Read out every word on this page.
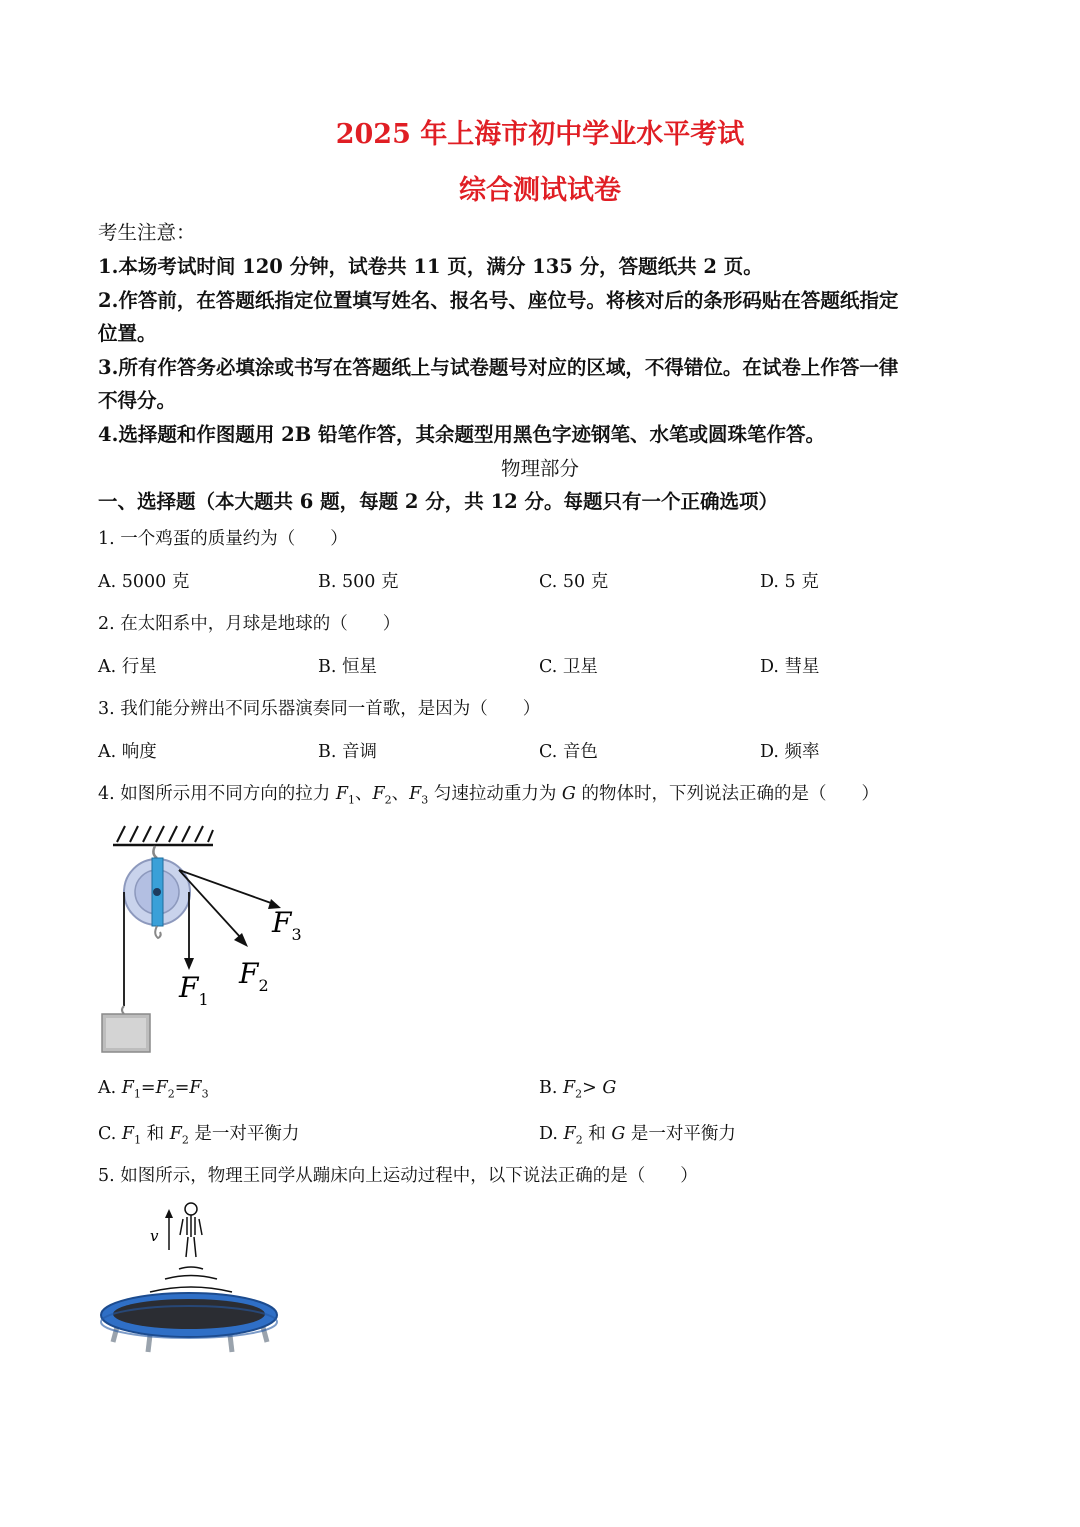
2025 年上海市初中学业水平考试
综合测试试卷
考生注意：
1.本场考试时间 120 分钟，试卷共 11 页，满分 135 分，答题纸共 2 页。
2.作答前，在答题纸指定位置填写姓名、报名号、座位号。将核对后的条形码贴在答题纸指定
位置。
3.所有作答务必填涂或书写在答题纸上与试卷题号对应的区域，不得错位。在试卷上作答一律
不得分。
4.选择题和作图题用 2B 铅笔作答，其余题型用黑色字迹钢笔、水笔或圆珠笔作答。
物理部分
一、选择题（本大题共 6 题，每题 2 分，共 12 分。每题只有一个正确选项）
1. 一个鸡蛋的质量约为（　　）
A. 5000 克	B. 500 克	C. 50 克	D. 5 克
2. 在太阳系中，月球是地球的（　　）
A. 行星	B. 恒星	C. 卫星	D. 彗星
3. 我们能分辨出不同乐器演奏同一首歌，是因为（　　）
A. 响度	B. 音调	C. 音色	D. 频率
4. 如图所示用不同方向的拉力 $F_1$、$F_2$、$F_3$ 匀速拉动重力为 G 的物体时，下列说法正确的是（　　）
$F_1$
$F_2$
$F_3$
A. $F_1=F_2=F_3$	B. $F_2> G$
C. $F_1$ 和 $F_2$ 是一对平衡力	D. $F_2$ 和 G 是一对平衡力
5. 如图所示，物理王同学从蹦床向上运动过程中，以下说法正确的是（　　）
v
